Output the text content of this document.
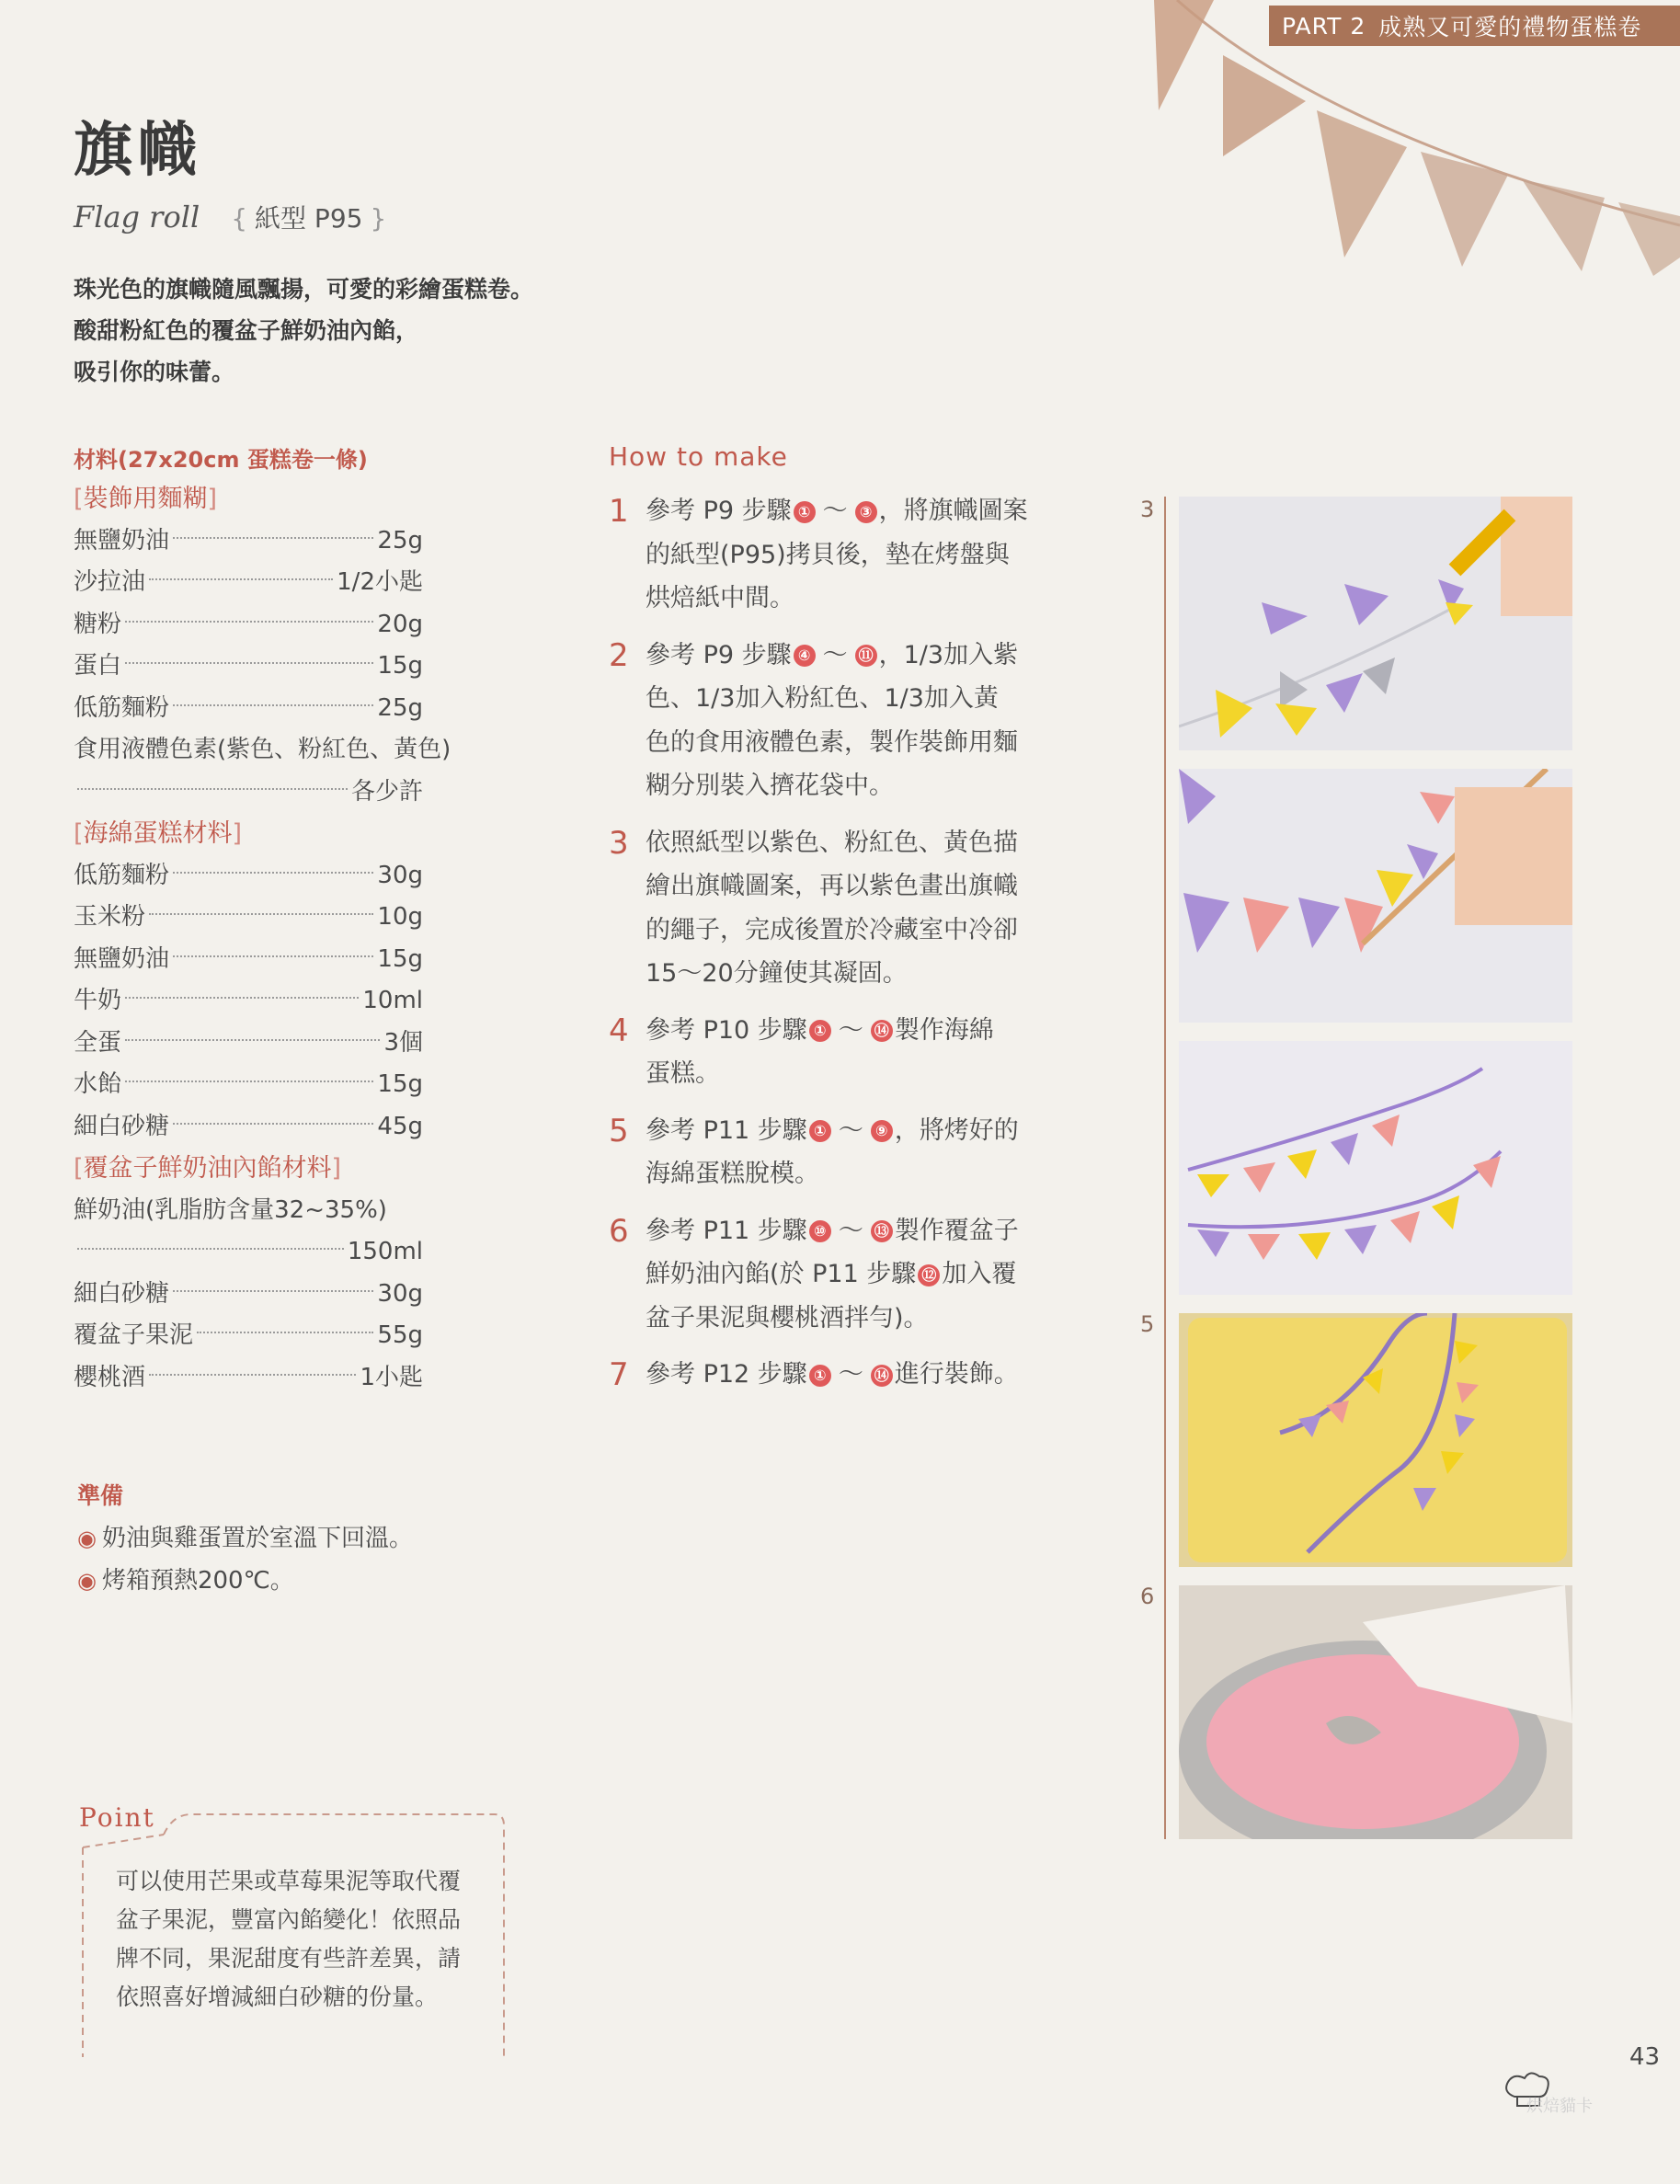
PART 2 成熟又可愛的禮物蛋糕卷
旗幟
Flag roll { 紙型 P95 }
珠光色的旗幟隨風飄揚，可愛的彩繪蛋糕卷。
酸甜粉紅色的覆盆子鮮奶油內餡，
吸引你的味蕾。
材料(27x20cm 蛋糕卷一條)
[ 裝飾用麵糊 ]
無鹽奶油	25g
沙拉油	1/2小匙
糖粉	20g
蛋白	15g
低筋麵粉	25g
食用液體色素(紫色、粉紅色、黃色)
各少許
[ 海綿蛋糕材料 ]
低筋麵粉	30g
玉米粉	10g
無鹽奶油	15g
牛奶	10ml
全蛋	3個
水飴	15g
細白砂糖	45g
[ 覆盆子鮮奶油內餡材料 ]
鮮奶油(乳脂肪含量32~35%)
150ml
細白砂糖	30g
覆盆子果泥	55g
櫻桃酒	1小匙
準備
◉ 奶油與雞蛋置於室溫下回溫。
◉ 烤箱預熱200℃。
Point
可以使用芒果或草莓果泥等取代覆
盆子果泥，豐富內餡變化！依照品
牌不同，果泥甜度有些許差異，請
依照喜好增減細白砂糖的份量。
How to make
1 參考 P9 步驟 ① ～ ③ ，將旗幟圖案
的紙型(P95)拷貝後，墊在烤盤與
烘焙紙中間。
2 參考 P9 步驟 ④ ～ ⑪ ，1/3加入紫
色、1/3加入粉紅色、1/3加入黃
色的食用液體色素，製作裝飾用麵
糊分別裝入擠花袋中。
3 依照紙型以紫色、粉紅色、黃色描
繪出旗幟圖案，再以紫色畫出旗幟
的繩子，完成後置於冷藏室中冷卻
15～20分鐘使其凝固。
4 參考 P10 步驟 ① ～ ⑭ 製作海綿
蛋糕。
5 參考 P11 步驟 ① ～ ⑨ ，將烤好的
海綿蛋糕脫模。
6 參考 P11 步驟 ⑩ ～ ⑬ 製作覆盆子
鮮奶油內餡(於 P11 步驟 ⑫ 加入覆
盆子果泥與櫻桃酒拌勻)。
7 參考 P12 步驟 ① ～ ⑭ 進行裝飾。
3
5
6
烘焙貓卡
43
